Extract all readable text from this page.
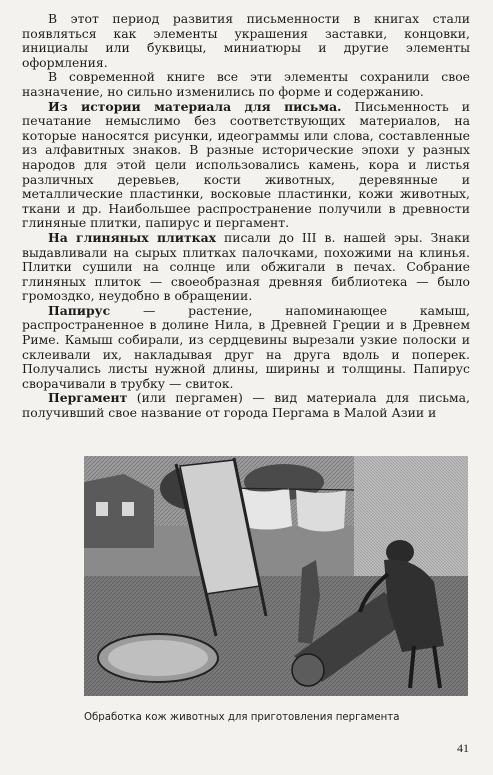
В этот период развития письменности в книгах стали появляться как элементы украшения заставки, концовки, инициалы или буквицы, миниатюры и другие элементы оформления.

В современной книге все эти элементы сохранили свое назначение, но сильно изменились по форме и содержанию.

Из истории материала для письма. Письменность и печатание немыслимо без соответствующих материалов, на которые наносятся рисунки, идеограммы или слова, составленные из алфавитных знаков. В разные исторические эпохи у разных народов для этой цели использовались камень, кора и листья различных деревьев, кости животных, деревянные и металлические пластинки, восковые пластинки, кожи животных, ткани и др. Наибольшее распространение получили в древности глиняные плитки, папирус и пергамент.

На глиняных плитках писали до III в. нашей эры. Знаки выдавливали на сырых плитках палочками, похожими на клинья. Плитки сушили на солнце или обжигали в печах. Собрание глиняных плиток — своеобразная древняя библиотека — было громоздко, неудобно в обращении.

Папирус — растение, напоминающее камыш, распространенное в долине Нила, в Древней Греции и в Древнем Риме. Камыш собирали, из сердцевины вырезали узкие полоски и склеивали их, накладывая друг на друга вдоль и поперек. Получались листы нужной длины, ширины и толщины. Папирус сворачивали в трубку — свиток.

Пергамент (или пергамен) — вид материала для письма, получивший свое название от города Пергама в Малой Азии и

Обработка кож животных для приготовления пергамента
41
